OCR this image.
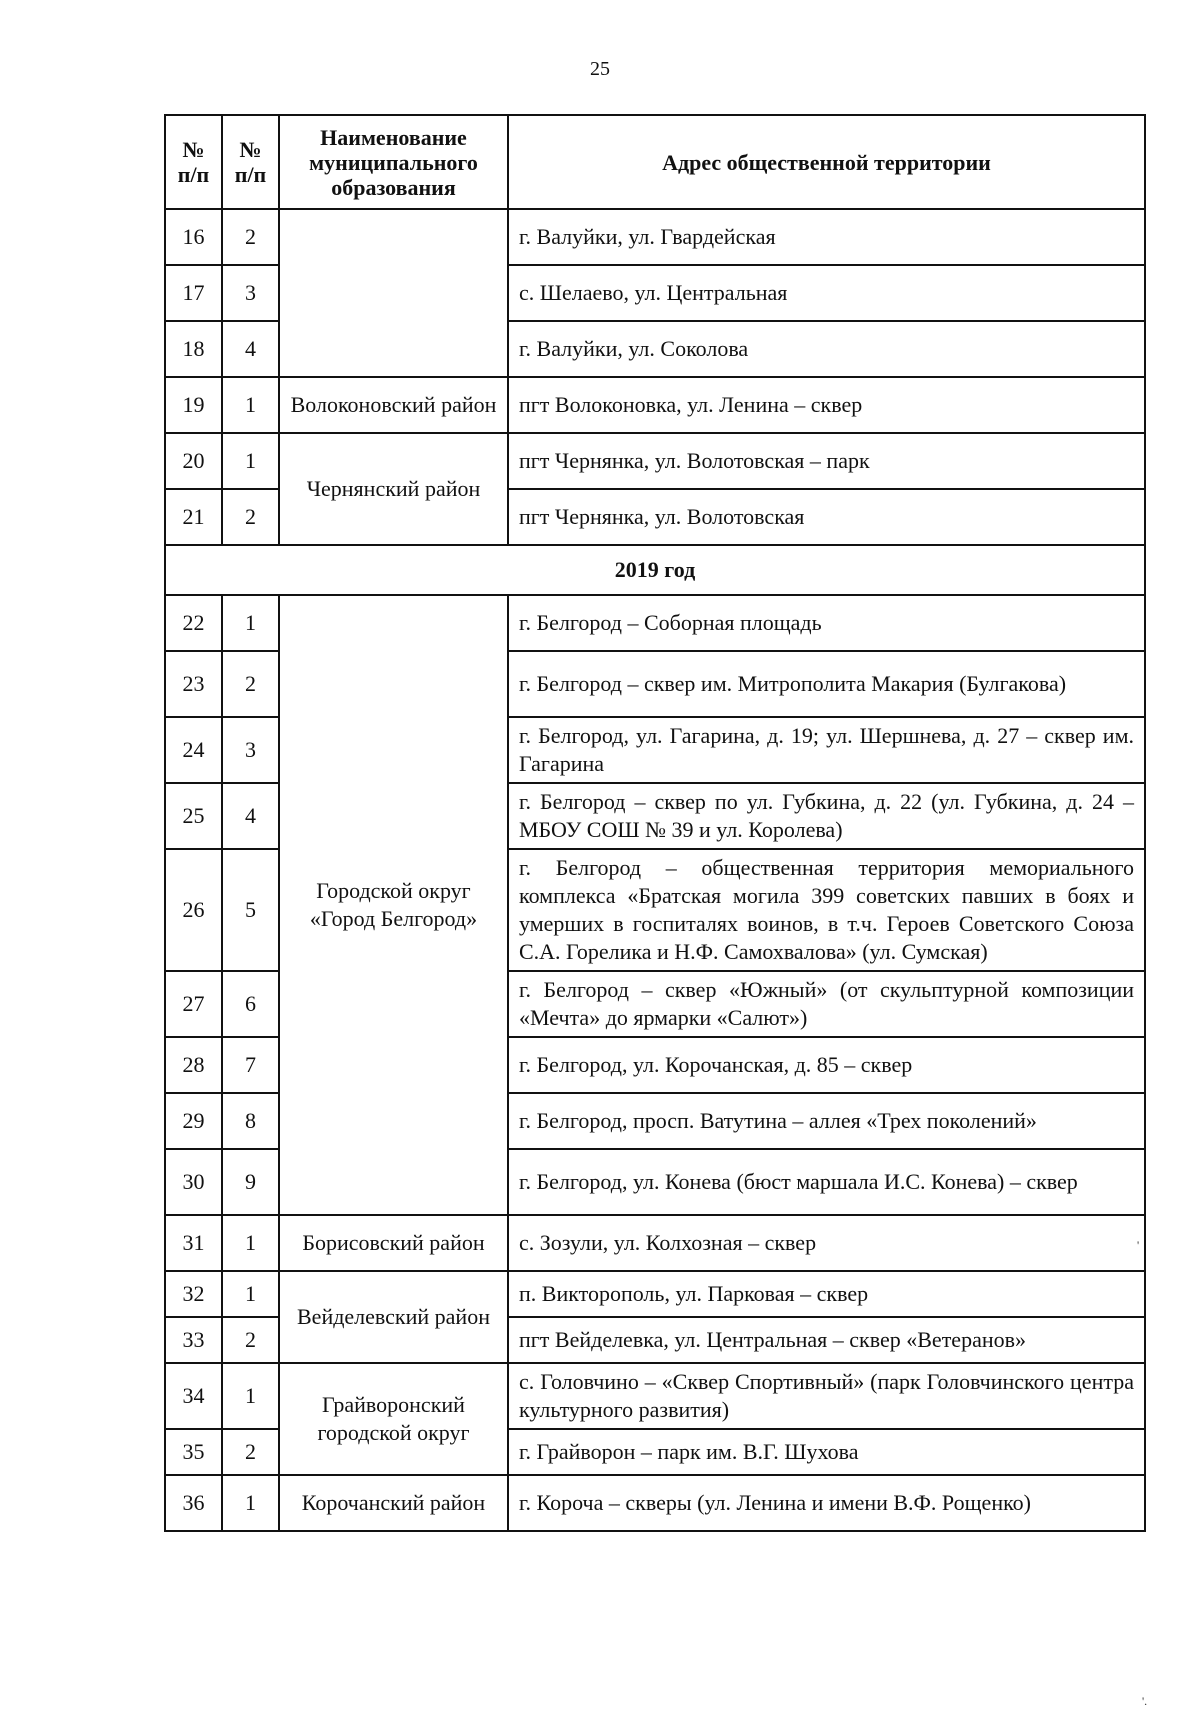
25
№ п/п	№ п/п	Наименование муниципального образования	Адрес общественной территории
16	2		г. Валуйки, ул. Гвардейская
17	3		с. Шелаево, ул. Центральная
18	4		г. Валуйки, ул. Соколова
19	1	Волоконовский район	пгт Волоконовка, ул. Ленина – сквер
20	1	Чернянский район	пгт Чернянка, ул. Волотовская – парк
21	2		пгт Чернянка, ул. Волотовская
2019 год			
22	1	Городской округ «Город Белгород»	г. Белгород – Соборная площадь
23	2		г. Белгород – сквер им. Митрополита Макария (Булгакова)
24	3		г. Белгород, ул. Гагарина, д. 19; ул. Шершнева, д. 27 – сквер им. Гагарина
25	4		г. Белгород – сквер по ул. Губкина, д. 22 (ул. Губкина, д. 24 – МБОУ СОШ № 39 и ул. Королева)
26	5		г. Белгород – общественная территория мемориального комплекса «Братская могила 399 советских павших в боях и умерших в госпиталях воинов, в т.ч. Героев Советского Союза С.А. Горелика и Н.Ф. Самохвалова» (ул. Сумская)
27	6		г. Белгород – сквер «Южный» (от скульптурной композиции «Мечта» до ярмарки «Салют»)
28	7		г. Белгород, ул. Корочанская, д. 85 – сквер
29	8		г. Белгород, просп. Ватутина – аллея «Трех поколений»
30	9		г. Белгород, ул. Конева (бюст маршала И.С. Конева) – сквер
31	1	Борисовский район	с. Зозули, ул. Колхозная – сквер
32	1	Вейделевский район	п. Викторополь, ул. Парковая – сквер
33	2		пгт Вейделевка, ул. Центральная – сквер «Ветеранов»
34	1	Грайворонский городской округ	с. Головчино – «Сквер Спортивный» (парк Головчинского центра культурного развития)
35	2		г. Грайворон – парк им. В.Г. Шухова
36	1	Корочанский район	г. Короча – скверы (ул. Ленина и имени В.Ф. Рощенко)
'
'.
